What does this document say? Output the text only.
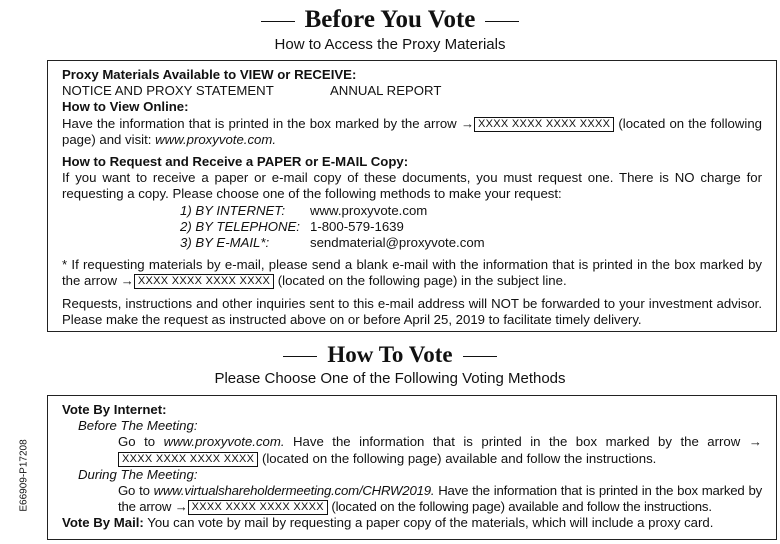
Before You Vote
How to Access the Proxy Materials
Proxy Materials Available to VIEW or RECEIVE:
NOTICE AND PROXY STATEMENT	ANNUAL REPORT
How to View Online:
Have the information that is printed in the box marked by the arrow → XXXX XXXX XXXX XXXX (located on the following page) and visit: www.proxyvote.com.
How to Request and Receive a PAPER or E-MAIL Copy:
If you want to receive a paper or e-mail copy of these documents, you must request one. There is NO charge for requesting a copy. Please choose one of the following methods to make your request:
1) BY INTERNET: www.proxyvote.com
2) BY TELEPHONE: 1-800-579-1639
3) BY E-MAIL*:	sendmaterial@proxyvote.com
* If requesting materials by e-mail, please send a blank e-mail with the information that is printed in the box marked by the arrow → XXXX XXXX XXXX XXXX (located on the following page) in the subject line.
Requests, instructions and other inquiries sent to this e-mail address will NOT be forwarded to your investment advisor. Please make the request as instructed above on or before April 25, 2019 to facilitate timely delivery.
How To Vote
Please Choose One of the Following Voting Methods
Vote By Internet:
Before The Meeting:
Go to www.proxyvote.com. Have the information that is printed in the box marked by the arrow →XXXX XXXX XXXX XXXX (located on the following page) available and follow the instructions.
During The Meeting:
Go to www.virtualshareholdermeeting.com/CHRW2019. Have the information that is printed in the box marked by the arrow → XXXX XXXX XXXX XXXX (located on the following page) available and follow the instructions.
Vote By Mail: You can vote by mail by requesting a paper copy of the materials, which will include a proxy card.
E66909-P17208
